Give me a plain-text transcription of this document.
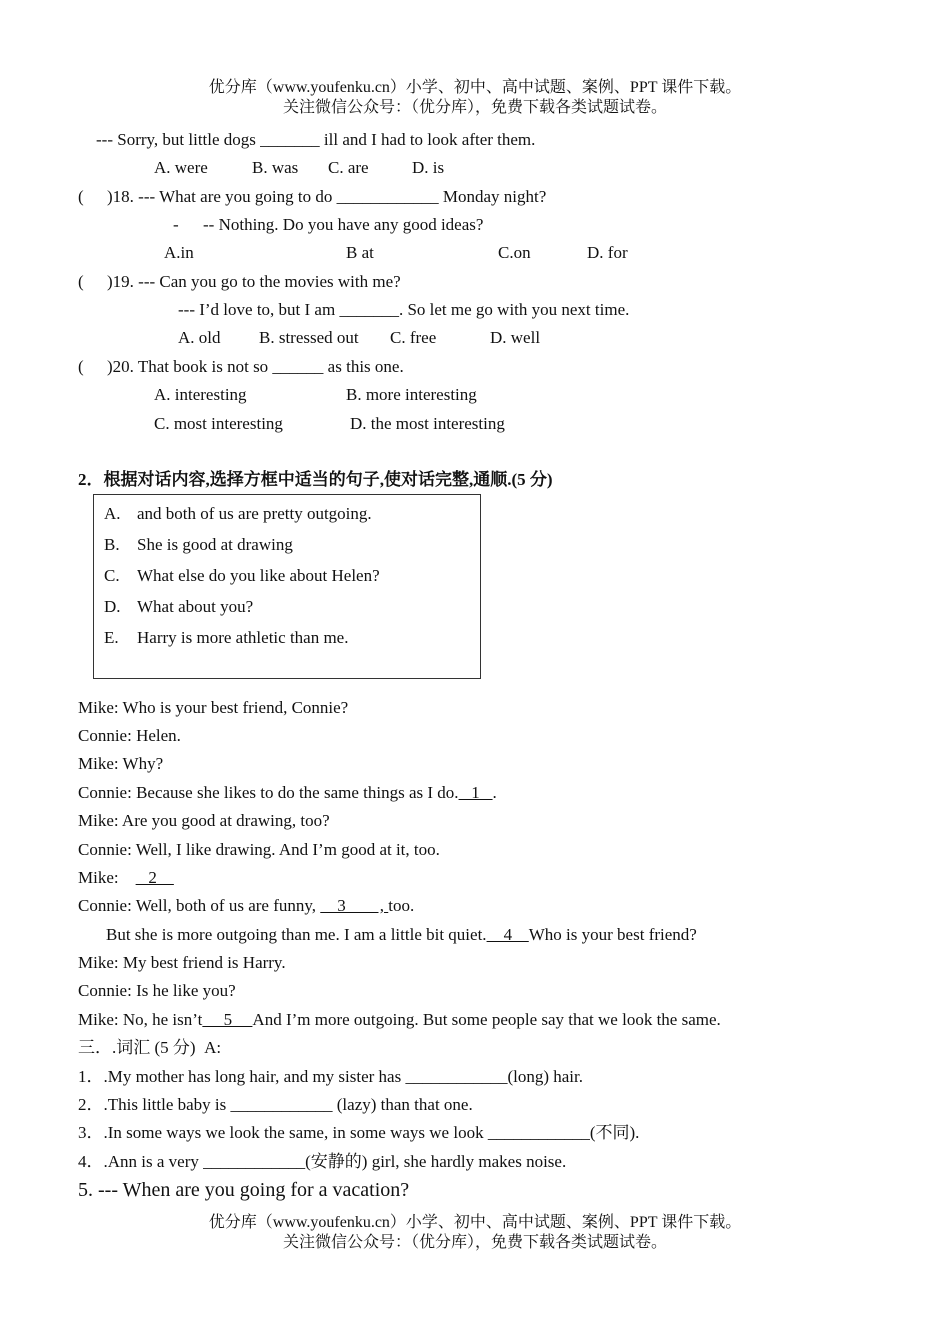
优分库（www.youfenku.cn）小学、初中、高中试题、案例、PPT 课件下载。
关注微信公众号：（优分库），免费下载各类试题试卷。
--- Sorry, but little dogs _______ ill and I had to look after them.
A. were	B. was C. are	D. is
( )18. --- What are you going to do ____________ Monday night?
- -- Nothing. Do you have any good ideas?
A.in	B at	C.on	D. for
( )19. --- Can you go to the movies with me?
--- I’d love to, but I am _______. So let me go with you next time.
A. old B. stressed out C. free	D. well
( )20. That book is not so ______ as this one.
A. interesting	B. more interesting
C. most interesting	D. the most interesting
2．根据对话内容,选择方框中适当的句子,使对话完整,通顺.(5 分)
A. and both of us are pretty outgoing.
B. She is good at drawing
C. What else do you like about Helen?
D. What about you?
E. Harry is more athletic than me.
Mike: Who is your best friend, Connie?
Connie: Helen.
Mike: Why?
Connie: Because she likes to do the same things as I do.   1   .
Mike: Are you good at drawing, too?
Connie: Well, I like drawing. And I’m good at it, too.
Mike:       2
Connie: Well, both of us are funny,     3        , too.
But she is more outgoing than me. I am a little bit quiet.    4    Who is your best friend?
Mike: My best friend is Harry.
Connie: Is he like you?
Mike: No, he isn’t     5     And I’m more outgoing. But some people say that we look the same.
三．.词汇 (5 分)  A:
1．.My mother has long hair, and my sister has ____________(long) hair.
2．.This little baby is ____________ (lazy) than that one.
3．.In some ways we look the same, in some ways we look ____________(不同).
4．.Ann is a very ____________(安静的) girl, she hardly makes noise.
5. --- When are you going for a vacation?
优分库（www.youfenku.cn）小学、初中、高中试题、案例、PPT 课件下载。
关注微信公众号：（优分库），免费下载各类试题试卷。
